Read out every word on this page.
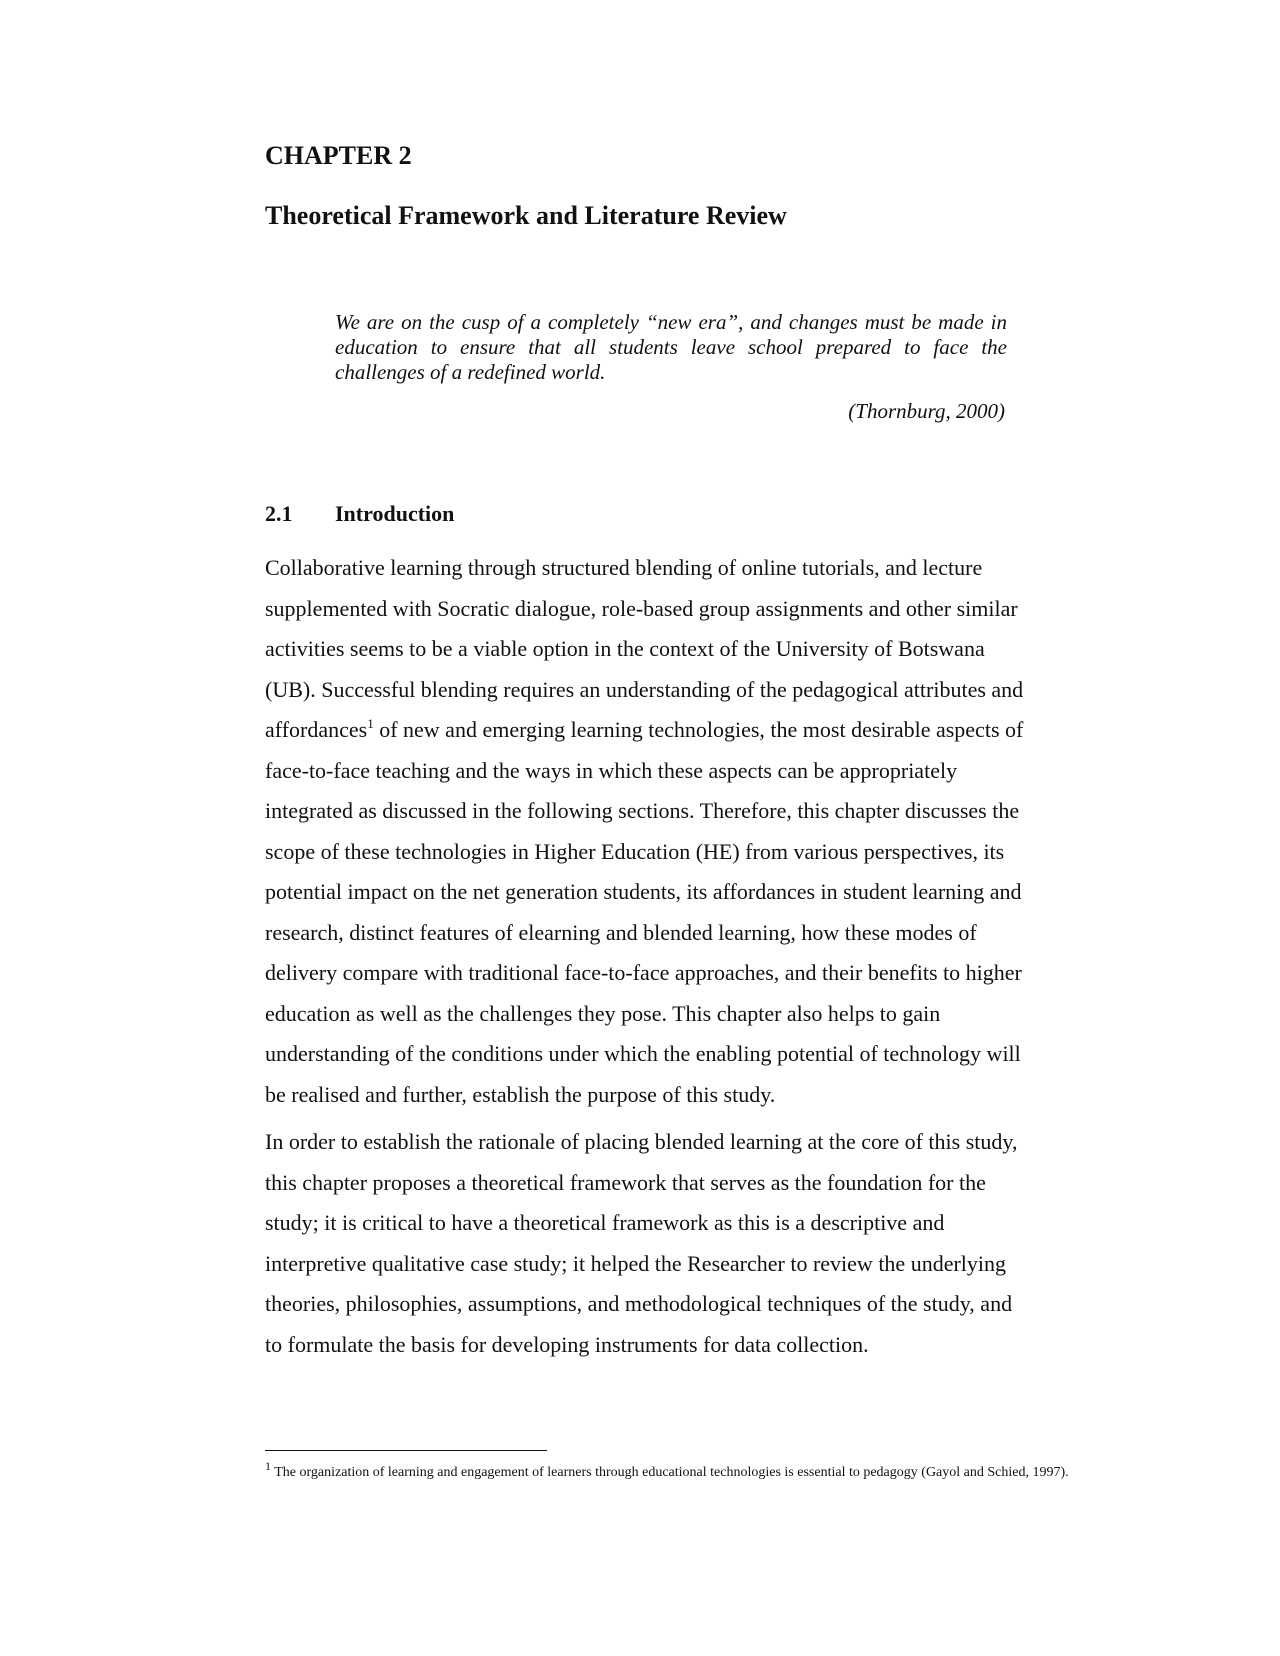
CHAPTER 2
Theoretical Framework and Literature Review

We are on the cusp of a completely “new era”, and changes must be made in education to ensure that all students leave school prepared to face the challenges of a redefined world.

(Thornburg, 2000)
2.1 Introduction
Collaborative learning through structured blending of online tutorials, and lecture
supplemented with Socratic dialogue, role-based group assignments and other similar
activities seems to be a viable option in the context of the University of Botswana
(UB). Successful blending requires an understanding of the pedagogical attributes and
affordances$^1$ of new and emerging learning technologies, the most desirable aspects of
face-to-face teaching and the ways in which these aspects can be appropriately
integrated as discussed in the following sections. Therefore, this chapter discusses the
scope of these technologies in Higher Education (HE) from various perspectives, its
potential impact on the net generation students, its affordances in student learning and
research, distinct features of elearning and blended learning, how these modes of
delivery compare with traditional face-to-face approaches, and their benefits to higher
education as well as the challenges they pose. This chapter also helps to gain
understanding of the conditions under which the enabling potential of technology will
be realised and further, establish the purpose of this study.
In order to establish the rationale of placing blended learning at the core of this study,
this chapter proposes a theoretical framework that serves as the foundation for the
study; it is critical to have a theoretical framework as this is a descriptive and
interpretive qualitative case study; it helped the Researcher to review the underlying
theories, philosophies, assumptions, and methodological techniques of the study, and
to formulate the basis for developing instruments for data collection.

$^1$ The organization of learning and engagement of learners through educational technologies is essential to pedagogy (Gayol and Schied, 1997).
